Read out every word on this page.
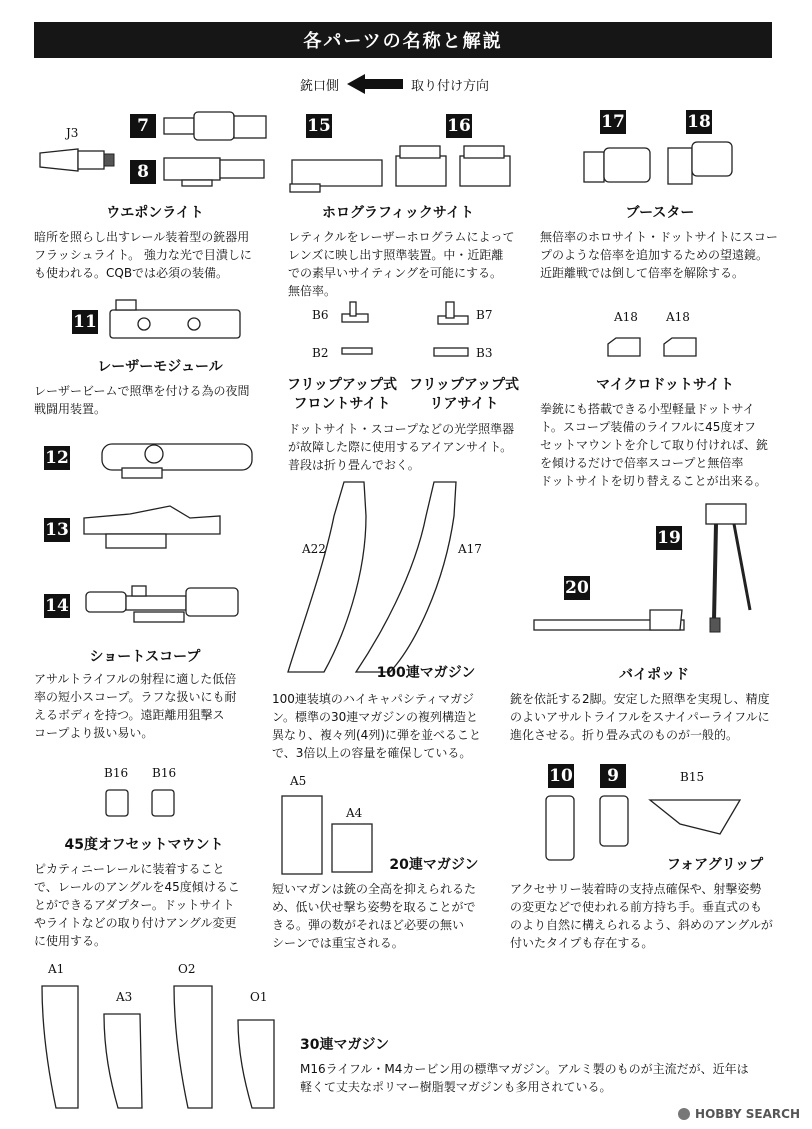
各パーツの名称と解説
銃口側	取り付け方向
J3	7
8
ウエポンライト
暗所を照らし出すレール装着型の銃器用
フラッシュライト。 強力な光で目潰しに
も使われる。CQBでは必須の装備。
15	16
ホログラフィックサイト
レティクルをレーザーホログラムによって
レンズに映し出す照準装置。中・近距離
での素早いサイティングを可能にする。
無倍率。
17	18
ブースター
無倍率のホロサイト・ドットサイトにスコー
プのような倍率を追加するための望遠鏡。
近距離戦では倒して倍率を解除する。
11
レーザーモジュール
レーザービームで照準を付ける為の夜間
戦闘用装置。
B6	B7
B2	B3
フリップアップ式
フロントサイト
フリップアップ式
リアサイト
ドットサイト・スコープなどの光学照準器
が故障した際に使用するアイアンサイト。
普段は折り畳んでおく。
A18 A18
マイクロドットサイト
拳銃にも搭載できる小型軽量ドットサイ
ト。スコープ装備のライフルに45度オフ
セットマウントを介して取り付ければ、銃
を傾けるだけで倍率スコープと無倍率
ドットサイトを切り替えることが出来る。
12
13
14
ショートスコープ
アサルトライフルの射程に適した低倍
率の短小スコープ。ラフな扱いにも耐
えるボディを持つ。遠距離用狙撃ス
コープより扱い易い。
A22	A17
100連マガジン
100連装填のハイキャパシティマガジ
ン。標準の30連マガジンの複列構造と
異なり、複々列(4列)に弾を並べること
で、3倍以上の容量を確保している。
19
20
バイポッド
銃を依託する2脚。安定した照準を実現し、精度
のよいアサルトライフルをスナイパーライフルに
進化させる。折り畳み式のものが一般的。
B16 B16
45度オフセットマウント
ピカティニーレールに装着すること
で、レールのアングルを45度傾けるこ
とができるアダプター。ドットサイト
やライトなどの取り付けアングル変更
に使用する。
A5
A4
20連マガジン
短いマガンは銃の全高を抑えられるた
め、低い伏せ撃ち姿勢を取ることがで
きる。弾の数がそれほど必要の無い
シーンでは重宝される。
10	9	B15
フォアグリップ
アクセサリー装着時の支持点確保や、射撃姿勢
の変更などで使われる前方持ち手。垂直式のも
のより自然に構えられるよう、斜めのアングルが
付いたタイプも存在する。
A1
A3
O2
O1
30連マガジン
M16ライフル・M4カービン用の標準マガジン。アルミ製のものが主流だが、近年は
軽くて丈夫なポリマー樹脂製マガジンも多用されている。
HOBBY SEARCH
